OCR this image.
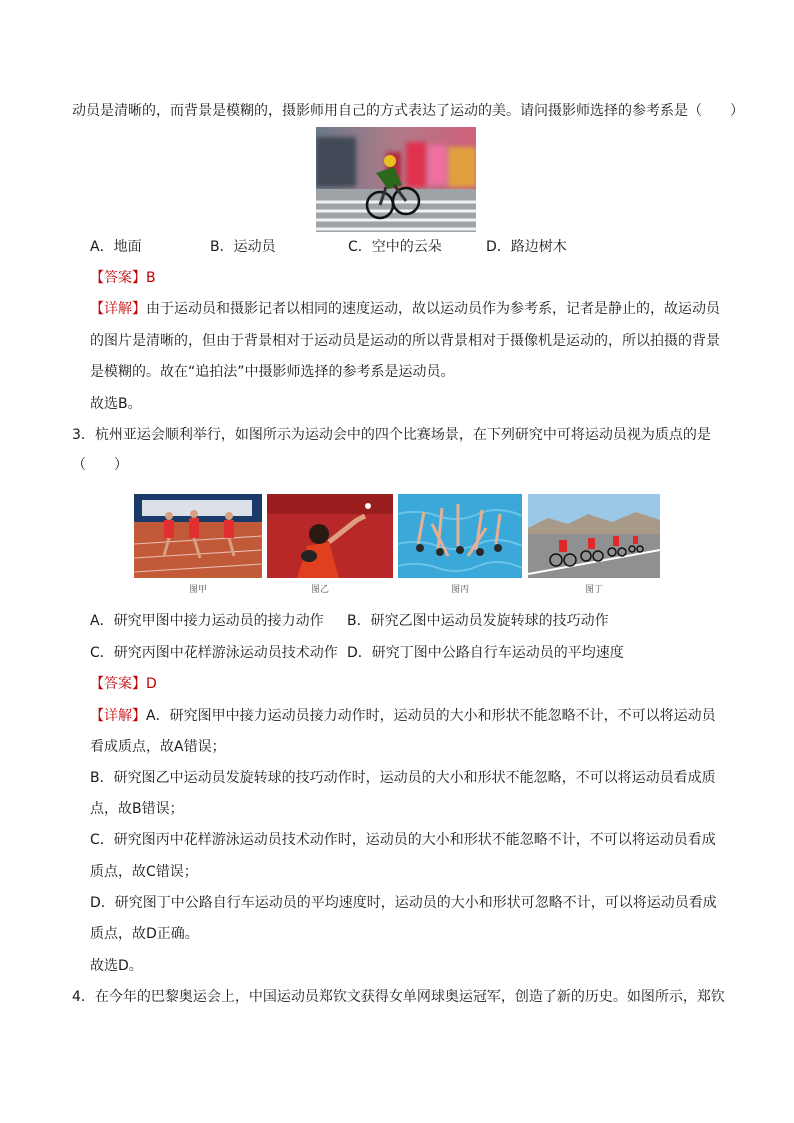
动员是清晰的，而背景是模糊的，摄影师用自己的方式表达了运动的美。请问摄影师选择的参考系是（　　）
A．地面	B．运动员	C．空中的云朵	D．路边树木
【答案】B
【详解】由于运动员和摄影记者以相同的速度运动，故以运动员作为参考系，记者是静止的，故运动员
的图片是清晰的，但由于背景相对于运动员是运动的所以背景相对于摄像机是运动的，所以拍摄的背景
是模糊的。故在“追拍法”中摄影师选择的参考系是运动员。
故选B。
3．杭州亚运会顺利举行，如图所示为运动会中的四个比赛场景，在下列研究中可将运动员视为质点的是
（　　）
图甲	图乙	图丙	图丁
A．研究甲图中接力运动员的接力动作 B．研究乙图中运动员发旋转球的技巧动作
C．研究丙图中花样游泳运动员技术动作 D．研究丁图中公路自行车运动员的平均速度
【答案】D
【详解】A．研究图甲中接力运动员接力动作时，运动员的大小和形状不能忽略不计，不可以将运动员
看成质点，故A错误；
B．研究图乙中运动员发旋转球的技巧动作时，运动员的大小和形状不能忽略，不可以将运动员看成质
点，故B错误；
C．研究图丙中花样游泳运动员技术动作时，运动员的大小和形状不能忽略不计，不可以将运动员看成
质点，故C错误；
D．研究图丁中公路自行车运动员的平均速度时，运动员的大小和形状可忽略不计，可以将运动员看成
质点，故D正确。
故选D。
4．在今年的巴黎奥运会上，中国运动员郑钦文获得女单网球奥运冠军，创造了新的历史。如图所示，郑钦
